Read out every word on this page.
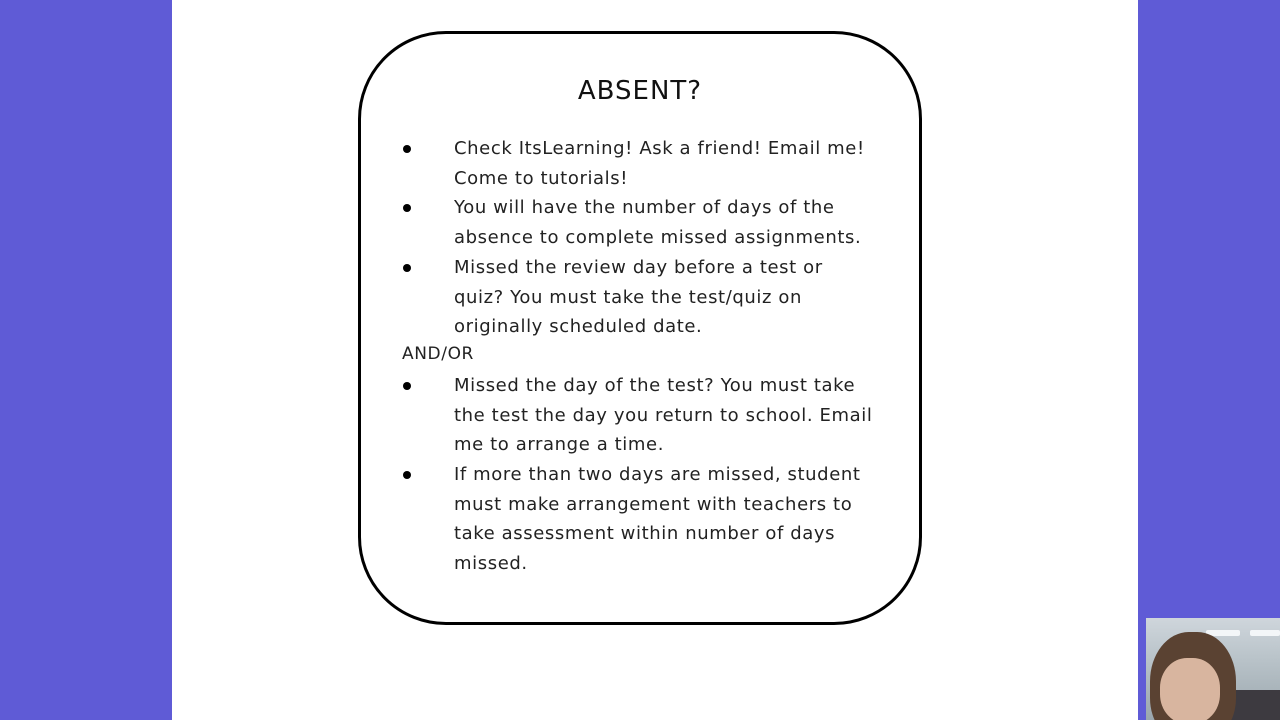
ABSENT?
Check ItsLearning! Ask a friend! Email me!
Come to tutorials!
You will have the number of days of the
absence to complete missed assignments.
Missed the review day before a test or
quiz? You must take the test/quiz on
originally scheduled date.
AND/OR
Missed the day of the test? You must take
the test the day you return to school. Email
me to arrange a time.
If more than two days are missed, student
must make arrangement with teachers to
take assessment within number of days
missed.
